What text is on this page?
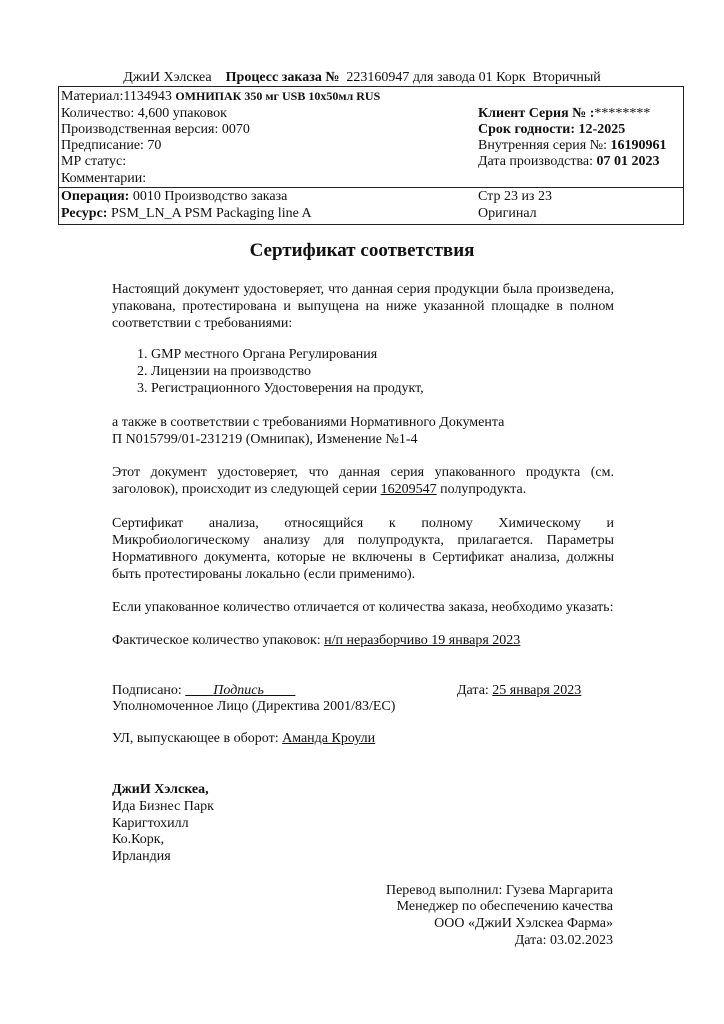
ДжиИ Хэлскеа Процесс заказа № 223160947 для завода 01 Корк Вторичный
Материал:1134943 ОМНИПАК 350 мг USB 10x50мл RUS
Количество: 4,600 упаковок
Производственная версия: 0070
Предписание: 70
МР статус:
Комментарии:
Клиент Серия № :********
Срок годности: 12-2025
Внутренняя серия №: 16190961
Дата производства: 07 01 2023
Операция: 0010 Производство заказа
Ресурс: PSM_LN_A PSM Packaging line A
Стр 23 из 23
Оригинал
Сертификат соответствия
Настоящий документ удостоверяет, что данная серия продукции была произведена, упакована, протестирована и выпущена на ниже указанной площадке в полном соответствии с требованиями:
1. GMP местного Органа Регулирования
2. Лицензии на производство
3. Регистрационного Удостоверения на продукт,
а также в соответствии с требованиями Нормативного Документа
П N015799/01-231219 (Омнипак), Изменение №1-4
Этот документ удостоверяет, что данная серия упакованного продукта (см. заголовок), происходит из следующей серии 16209547 полупродукта.
Сертификат анализа, относящийся к полному Химическому и Микробиологическому анализу для полупродукта, прилагается. Параметры Нормативного документа, которые не включены в Сертификат анализа, должны быть протестированы локально (если применимо).
Если упакованное количество отличается от количества заказа, необходимо указать:
Фактическое количество упаковок: н/п неразборчиво 19 января 2023
Подписано: Подпись	Дата: 25 января 2023
Уполномоченное Лицо (Директива 2001/83/ЕС)
УЛ, выпускающее в оборот: Аманда Кроули
ДжиИ Хэлскеа,
Ида Бизнес Парк
Каригтохилл
Ко.Корк,
Ирландия
Перевод выполнил: Гузева Маргарита
Менеджер по обеспечению качества
ООО «ДжиИ Хэлскеа Фарма»
Дата: 03.02.2023
